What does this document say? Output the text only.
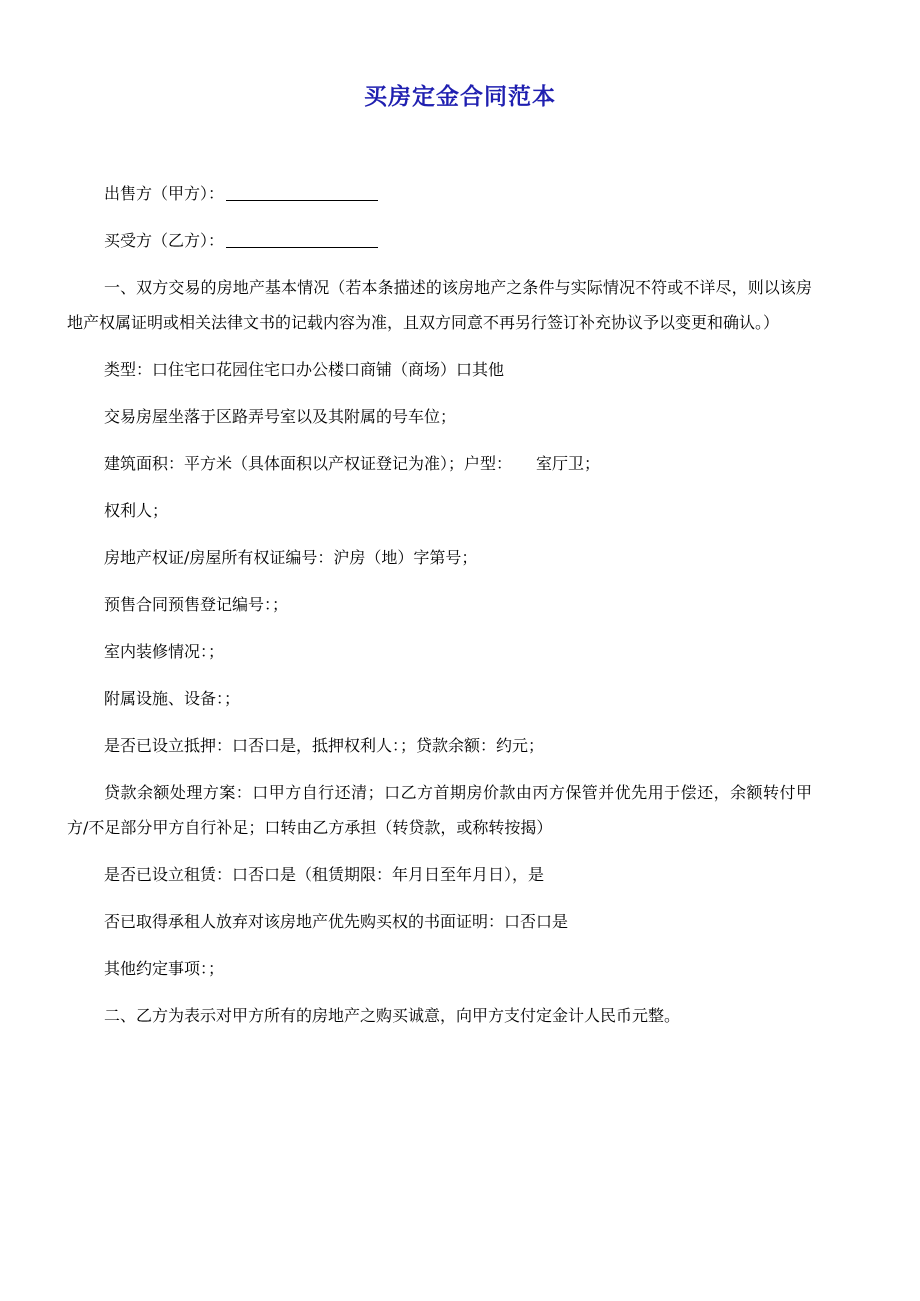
买房定金合同范本
出售方（甲方）：
买受方（乙方）：
一、双方交易的房地产基本情况（若本条描述的该房地产之条件与实际情况不符或不详尽，则以该房地产权属证明或相关法律文书的记载内容为准，且双方同意不再另行签订补充协议予以变更和确认。）
类型：口住宅口花园住宅口办公楼口商铺（商场）口其他
交易房屋坐落于区路弄号室以及其附属的号车位；
建筑面积：平方米（具体面积以产权证登记为准）；户型：　　室厅卫；
权利人；
房地产权证/房屋所有权证编号：沪房（地）字第号；
预售合同预售登记编号：；
室内装修情况：；
附属设施、设备：；
是否已设立抵押：口否口是，抵押权利人：；贷款余额：约元；
贷款余额处理方案：口甲方自行还清；口乙方首期房价款由丙方保管并优先用于偿还，余额转付甲方/不足部分甲方自行补足；口转由乙方承担（转贷款，或称转按揭）
是否已设立租赁：口否口是（租赁期限：年月日至年月日），是
否已取得承租人放弃对该房地产优先购买权的书面证明：口否口是
其他约定事项：；
二、乙方为表示对甲方所有的房地产之购买诚意，向甲方支付定金计人民币元整。
